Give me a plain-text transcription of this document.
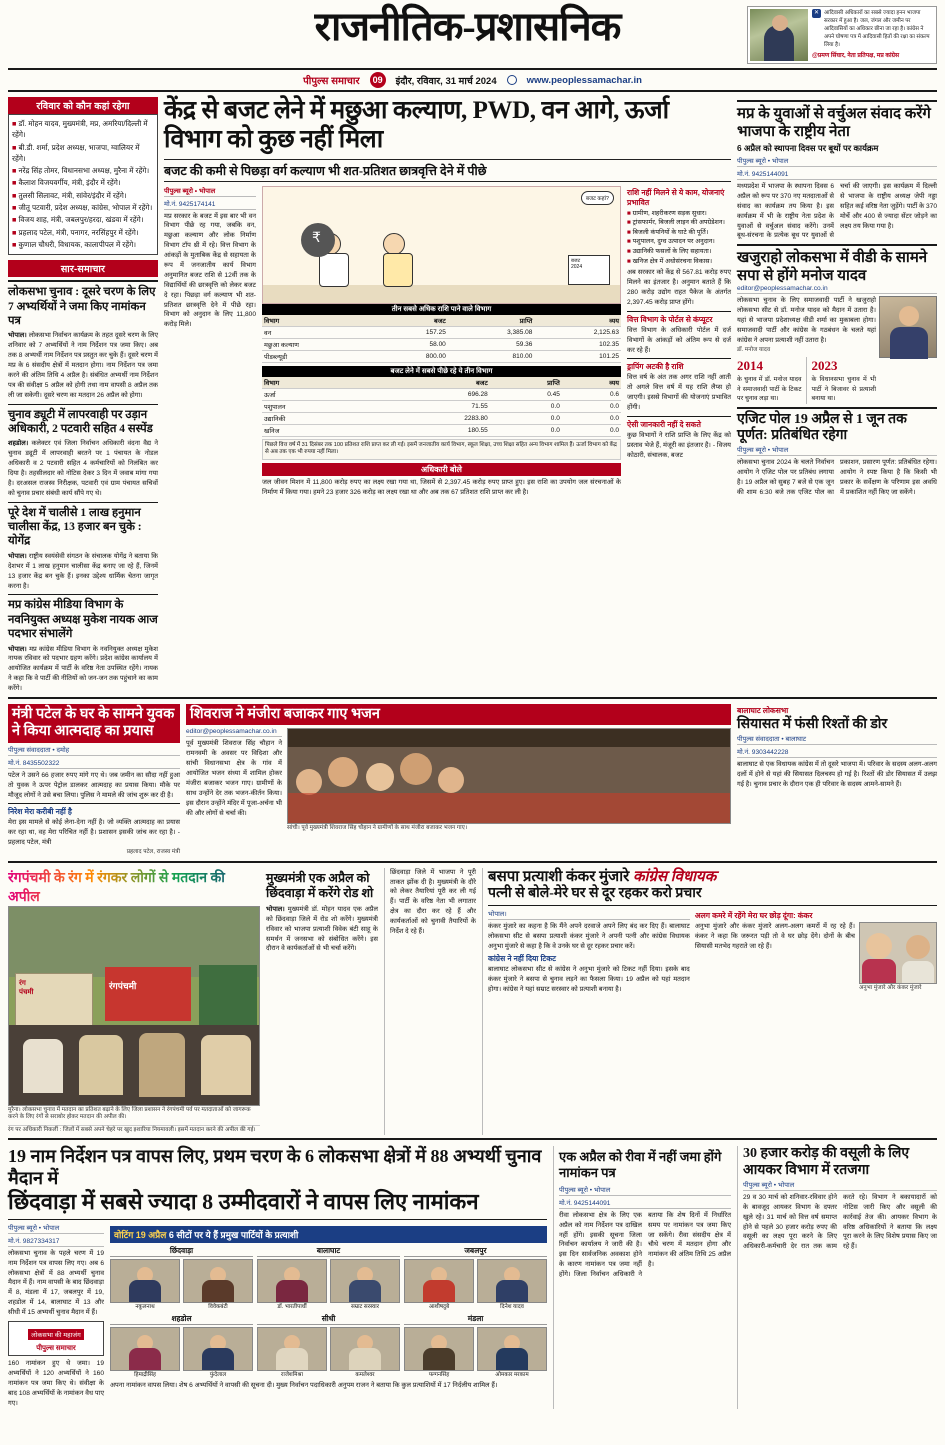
राजनीतिक-प्रशासनिक	✕ आदिवासी अधिकारों का सबसे ज्यादा हनन भाजपा सरकार में हुआ है। जल, जंगल और जमीन पर आदिवासियों का अधिकार छीना जा रहा है। कांग्रेस ने अपने घोषणा पत्र में आदिवासी हितों की रक्षा का संकल्प लिया है।
@प्रमण सिंघार, नेता प्रतिपक्ष, मप्र कांग्रेस
पीपुल्स समाचार	09	इंदौर, रविवार, 31 मार्च 2024	www.peoplessamachar.in
रविवार को कौन कहां रहेगा
■ डॉ. मोहन यादव, मुख्यमंत्री, मप्र, अमरिया/दिल्ली में रहेंगे।
■ बी.डी. शर्मा, प्रदेश अध्यक्ष, भाजपा, ग्वालियर में रहेंगे।
■ नरेंद्र सिंह तोमर, विधानसभा अध्यक्ष, मुरैना में रहेंगे।
■ कैलाश विजयवर्गीय, मंत्री, इंदौर में रहेंगे।
■ तुलसी सिलावट, मंत्री, सांवेर/इंदौर में रहेंगे।
■ जीतू पटवारी, प्रदेश अध्यक्ष, कांग्रेस, भोपाल में रहेंगे।
■ विजय शाह, मंत्री, जबलपुर/हरदा, खंडवा में रहेंगे।
■ प्रहलाद पटेल, मंत्री, पनागर, नरसिंहपुर में रहेंगे।
■ कुणाल चौधरी, विधायक, कालापीपल में रहेंगे।
सार-समाचार
लोकसभा चुनाव : दूसरे चरण के लिए 7 अभ्यर्थियों ने जमा किए नामांकन पत्र
भोपाल। लोकसभा निर्वाचन कार्यक्रम के तहत दूसरे चरण के लिए शनिवार को 7 अभ्यर्थियों ने नाम निर्देशन पत्र जमा किए। अब तक 8 अभ्यर्थी नाम निर्देशन पत्र प्रस्तुत कर चुके हैं। दूसरे चरण में मप्र के 6 संसदीय क्षेत्रों में मतदान होगा। नाम निर्देशन पत्र जमा करने की अंतिम तिथि 4 अप्रैल है। संबंधित अभ्यर्थी नाम निर्देशन पत्र की संवीक्षा 5 अप्रैल को होगी तथा नाम वापसी 8 अप्रैल तक ली जा सकेगी। दूसरे चरण का मतदान 26 अप्रैल को होगा।
चुनाव ड्यूटी में लापरवाही पर उड़ान अधिकारी, 2 पटवारी सहित 4 सस्पेंड
शहडोल। कलेक्टर एवं जिला निर्वाचन अधिकारी वंदना वैद्य ने चुनाव ड्यूटी में लापरवाही बरतने पर 1 पंचायत के नोडल अधिकारी व 2 पटवारी सहित 4 कर्मचारियों को निलंबित कर दिया है। तहसीलदार को नोटिस देकर 3 दिन में जवाब मांगा गया है। दरअसल राजस्व निरीक्षक, पटवारी एवं ग्राम पंचायत सचिवों को चुनाव प्रचार संबंधी कार्य सौंपे गए थे।
पूरे देश में चालीसे 1 लाख हनुमान चालीसा केंद्र, 13 हजार बन चुके : योगेंद्र
भोपाल। राष्ट्रीय स्वयंसेवी संगठन के संचालक योगेंद्र ने बताया कि देशभर में 1 लाख हनुमान चालीसा केंद्र बनाए जा रहे हैं, जिनमें 13 हजार केंद्र बन चुके हैं। इनका उद्देश्य धार्मिक चेतना जागृत करना है।
मप्र कांग्रेस मीडिया विभाग के नवनियुक्त अध्यक्ष मुकेश नायक आज पदभार संभालेंगे
भोपाल। मप्र कांग्रेस मीडिया विभाग के नवनियुक्त अध्यक्ष मुकेश नायक रविवार को पदभार ग्रहण करेंगे। प्रदेश कांग्रेस कार्यालय में आयोजित कार्यक्रम में पार्टी के वरिष्ठ नेता उपस्थित रहेंगे। नायक ने कहा कि वे पार्टी की नीतियों को जन-जन तक पहुंचाने का काम करेंगे।
केंद्र से बजट लेने में मछुआ कल्याण, PWD, वन आगे, ऊर्जा विभाग को कुछ नहीं मिला
बजट की कमी से पिछड़ा वर्ग कल्याण भी शत-प्रतिशत छात्रवृत्ति देने में पीछे
पीपुल्स ब्यूरो • भोपाल
मो.नं. 9425174141
मप्र सरकार के बजट में इस बार भी वन विभाग पीछे रह गया, जबकि वन, मछुआ कल्याण और लोक निर्माण विभाग टॉप थ्री में रहे। वित्त विभाग के आंकड़ों के मुताबिक केंद्र से सहायता के रूप में जनजातीय कार्य विभाग अनुमानित बजट राशि से 12वीं तक के विद्यार्थियों की छात्रवृत्ति को लेकर बजट दे रहा। पिछड़ा वर्ग कल्याण भी शत-प्रतिशत छात्रवृत्ति देने में पीछे रहा। विभाग को अनुदान के लिए 11,800 करोड़ मिले।
₹
बजट कहां?
बजट
2024
तीन सबसे अधिक राशि पाने वाले विभाग
विभाग	बजट	प्राप्ति	व्यय
वन	157.25	3,385.08	2,125.63
मछुआ कल्याण	58.00	59.36	102.35
पीडब्ल्यूडी	800.00	810.00	101.25
बजट लेने में सबसे पीछे रहे ये तीन विभाग
विभाग	बजट	प्राप्ति	व्यय
ऊर्जा	696.28	0.45	0.6
पशुपालन	71.55	0.0	0.0
उद्यानिकी	2283.80	0.0	0.0
खनिज	180.55	0.0	0.0
पिछले वित्त वर्ष में 31 दिसंबर तक 100 प्रतिशत राशि प्राप्त कर ली गई। इसमें जनजातीय कार्य विभाग, स्कूल शिक्षा, उच्च शिक्षा सहित अन्य विभाग शामिल हैं। ऊर्जा विभाग को केंद्र से अब तक एक भी रुपया नहीं मिला।
अधिकारी बोले
जल जीवन मिशन में 11,800 करोड़ रुपए का लक्ष्य रखा गया था, जिसमें से 2,397.45 करोड़ रुपए प्राप्त हुए। इस राशि का उपयोग जल संरचनाओं के निर्माण में किया गया। हमने 23 हजार 326 करोड़ का लक्ष्य रखा था और अब तक 67 प्रतिशत राशि प्राप्त कर ली है।
राशि नहीं मिलने से ये काम, योजनाएं प्रभावित
■ ग्रामीण, शहरीकरण सड़क सुधार।
■ ट्रांसफार्मर, बिजली लाइन की अपग्रेडेशन।
■ बिजली कंपनियों के घाटे की पूर्ति।
■ पशुपालन, दुग्ध उत्पादन पर अनुदान।
■ उद्यानिकी फसलों के लिए सहायता।
■ खनिज क्षेत्र में अधोसंरचना विकास।
अब सरकार को केंद्र से 567.81 करोड़ रुपए मिलने का इंतजार है। अनुमान बताते हैं कि 280 करोड़ उद्योग राहत पैकेज के अंतर्गत 2,397.45 करोड़ प्राप्त होंगे।
वित्त विभाग के पोर्टल से कंप्यूटर
वित्त विभाग के अधिकारी पोर्टल में दर्ज विभागों के आंकड़ों को अंतिम रूप से दर्ज कर रहे हैं।
ड्रापिंग अटकी है राशि
वित्त वर्ष के अंत तक अगर राशि नहीं आती तो अगले वित्त वर्ष में यह राशि लैप्स हो जाएगी। इससे विभागों की योजनाएं प्रभावित होंगी।
ऐसी जानकारी नहीं दे सकते
कुछ विभागों ने राशि प्राप्ति के लिए केंद्र को प्रस्ताव भेजे हैं, मंजूरी का इंतजार है। - विजय कोठारी, संचालक, बजट
मप्र के युवाओं से वर्चुअल संवाद करेंगे भाजपा के राष्ट्रीय नेता
6 अप्रैल को स्थापना दिवस पर बूथों पर कार्यक्रम
पीपुल्स ब्यूरो • भोपाल
मो.नं. 9425144091
मध्यप्रदेश में भाजपा के स्थापना दिवस 6 अप्रैल को रूप पर 370 नए मतदाताओं से संवाद का कार्यक्रम तय किया है। इस कार्यक्रम में भी के राष्ट्रीय नेता प्रदेश के युवाओं से वर्चुअल संवाद करेंगे। उनमें बूथ-संरचना के प्रत्येक बूथ पर युवाओं से चर्चा की जाएगी। इस कार्यक्रम में दिल्ली से भाजपा के राष्ट्रीय अध्यक्ष जेपी नड्डा सहित कई वरिष्ठ नेता जुड़ेंगे। पार्टी के 370 मोर्चे और 400 से ज्यादा सेंटर जोड़ने का लक्ष्य तय किया गया है।
खजुराहो लोकसभा में वीडी के सामने सपा से होंगे मनोज यादव
editor@peoplessamachar.co.in
लोकसभा चुनाव के लिए समाजवादी पार्टी ने खजुराहो लोकसभा सीट से डॉ. मनोज यादव को मैदान में उतारा है। यहां से भाजपा प्रदेशाध्यक्ष वीडी शर्मा का मुकाबला होगा। समाजवादी पार्टी और कांग्रेस के गठबंधन के चलते यहां कांग्रेस ने अपना प्रत्याशी नहीं उतारा है।
डॉ. मनोज यादव
2014
के चुनाव में डॉ. मनोज यादव ने समाजवादी पार्टी के टिकट पर चुनाव लड़ा था।
2023
के विधानसभा चुनाव में भी पार्टी ने बिजावर से प्रत्याशी बनाया था।
एजिट पोल 19 अप्रैल से 1 जून तक पूर्णत: प्रतिबंधित रहेगा
पीपुल्स ब्यूरो • भोपाल
लोकसभा चुनाव 2024 के चलते निर्वाचन आयोग ने एजिट पोल पर प्रतिबंध लगाया है। 19 अप्रैल को सुबह 7 बजे से एक जून की शाम 6:30 बजे तक एजिट पोल का प्रकाशन, प्रसारण पूर्णत: प्रतिबंधित रहेगा। आयोग ने स्पष्ट किया है कि किसी भी प्रकार के सर्वेक्षण के परिणाम इस अवधि में प्रकाशित नहीं किए जा सकेंगे।
मंत्री पटेल के घर के सामने युवक ने किया आत्मदाह का प्रयास
पीपुल्स संवाददाता • दमोह
मो.नं. 8435502322
पटेल ने उसने 66 हजार रुपए मांगे गए थे। जब जमीन का सौदा नहीं हुआ तो युवक ने ऊपर पेट्रोल डालकर आत्मदाह का प्रयास किया। मौके पर मौजूद लोगों ने उसे बचा लिया। पुलिस ने मामले की जांच शुरू कर दी है।
निरेश मेरा करीबी नहीं है
मेरा इस मामले से कोई लेना-देना नहीं है। जो व्यक्ति आत्मदाह का प्रयास कर रहा था, वह मेरा परिचित नहीं है। प्रशासन इसकी जांच कर रहा है। - प्रहलाद पटेल, मंत्री
प्रहलाद पटेल, राजस्व मंत्री
शिवराज ने मंजीरा बजाकर गाए भजन
editor@peoplessamachar.co.in
पूर्व मुख्यमंत्री शिवराज सिंह चौहान ने रामनवमी के अवसर पर विदिशा और सांची विधानसभा क्षेत्र के गांव में आयोजित भजन संध्या में शामिल होकर मंजीरा बजाकर भजन गाए। ग्रामीणों के साथ उन्होंने देर तक भजन-कीर्तन किया। इस दौरान उन्होंने मंदिर में पूजा-अर्चना भी की और लोगों से चर्चा की।
सांची। पूर्व मुख्यमंत्री शिवराज सिंह चौहान ने ग्रामीणों के साथ मंजीरा बजाकर भजन गाए।
बालाघाट लोकसभा
सियासत में फंसी रिश्तों की डोर
पीपुल्स संवाददाता • बालाघाट
मो.नं. 9303442228
बालाघाट से एक विधायक कांग्रेस में तो दूसरे भाजपा में। परिवार के सदस्य अलग-अलग दलों में होने से यहां की सियासत दिलचस्प हो गई है। रिश्तों की डोर सियासत में उलझ गई है। चुनाव प्रचार के दौरान एक ही परिवार के सदस्य आमने-सामने हैं।
रंगपंचमी के रंग में रंगकर लोगों से मतदान की अपील
रंग
पंचमी
रंगपंचमी
मुरैना। लोकसभा चुनाव में मतदान का प्रतिशत बढ़ाने के लिए जिला प्रशासन ने रंगपंचमी पर्व पर मतदाताओं को जागरूक करने के लिए रंगों से सराबोर होकर मतदान की अपील की।
रंग पर अधिकारी निकलीं : जिलों में सबसे अपने चेहरे पर खुद इशारिया नियमावली। इसमें मतदान करने की अपील की गई।
मुख्यमंत्री एक अप्रैल को छिंदवाड़ा में करेंगे रोड शो
भोपाल। मुख्यमंत्री डॉ. मोहन यादव एक अप्रैल को छिंदवाड़ा जिले में रोड शो करेंगे। मुख्यमंत्री रविवार को भाजपा प्रत्याशी विवेक बंटी साहू के समर्थन में जनसभा को संबोधित करेंगे। इस दौरान वे कार्यकर्ताओं से भी चर्चा करेंगे।
छिंदवाड़ा जिले में भाजपा ने पूरी ताकत झोंक दी है। मुख्यमंत्री के दौरे को लेकर तैयारियां पूरी कर ली गई हैं। पार्टी के वरिष्ठ नेता भी लगातार क्षेत्र का दौरा कर रहे हैं और कार्यकर्ताओं को चुनावी तैयारियों के निर्देश दे रहे हैं।
बसपा प्रत्याशी कंकर मुंजारे कांग्रेस विधायक
पत्नी से बोले-मेरे घर से दूर रहकर करो प्रचार
भोपाल।
कंकर मुंजारे का कहना है कि मैंने अपने दरवाजे अपने लिए बंद कर दिए हैं। बालाघाट लोकसभा सीट से बसपा प्रत्याशी कंकर मुंजारे ने अपनी पत्नी और कांग्रेस विधायक अनुभा मुंजारे से कहा है कि वे उनके घर से दूर रहकर प्रचार करें।
कांग्रेस ने नहीं दिया टिकट
बालाघाट लोकसभा सीट से कांग्रेस ने अनुभा मुंजारे को टिकट नहीं दिया। इसके बाद कंकर मुंजारे ने बसपा से चुनाव लड़ने का फैसला किया। 19 अप्रैल को यहां मतदान होगा। कांग्रेस ने यहां सम्राट सरस्वार को प्रत्याशी बनाया है।
अलग कमरे में रहेंगे मेरा घर छोड़ दूंगा: कंकर
अनुभा मुंजारे और कंकर मुंजारे अलग-अलग कमरों में रह रहे हैं। कंकर ने कहा कि जरूरत पड़ी तो वे घर छोड़ देंगे। दोनों के बीच सियासी मतभेद गहराते जा रहे हैं।
अनुभा मुंजारे और कंकर मुंजारे
19 नाम निर्देशन पत्र वापस लिए, प्रथम चरण के 6 लोकसभा क्षेत्रों में 88 अभ्यर्थी चुनाव मैदान में
छिंदवाड़ा में सबसे ज्यादा 8 उम्मीदवारों ने वापस लिए नामांकन
पीपुल्स ब्यूरो • भोपाल
मो.नं. 9827334317
लोकसभा चुनाव के पहले चरण में 19 नाम निर्देशन पत्र वापस लिए गए। अब 6 लोकसभा क्षेत्रों में 88 अभ्यर्थी चुनाव मैदान में हैं। नाम वापसी के बाद छिंदवाड़ा में 8, मंडला में 17, जबलपुर में 19, शहडोल में 14, बालाघाट में 13 और सीधी में 15 अभ्यर्थी चुनाव मैदान में हैं।
लोकसभा की महाजंग
पीपुल्स समाचार
160 नामांकन हुए थे जमा। 19 अभ्यर्थियों ने 120 अभ्यर्थियों ने 160 नामांकन पत्र जमा किए थे। संवीक्षा के बाद 108 अभ्यर्थियों के नामांकन वैध पाए गए।
वोटिंग 19 अप्रैल 6 सीटों पर ये हैं प्रमुख पार्टियों के प्रत्याशी
छिंदवाड़ा
नकुलनाथ	विवेकबंटी
शहडोल
हिमाद्रीसिंह	फुंदेलाल
बालाघाट
डॉ. भारतीपार्धी	सम्राट सरस्वार
सीधी
राजेशमिश्रा	कमलेश्वर
जबलपुर
आशीषदुबे	दिनेश यादव
मंडला
फग्गनसिंह	ओमकार मरकाम
अपना नामांकन वापस लिया। शेष 6 अभ्यर्थियों ने वापसी की सूचना दी। मुख्य निर्वाचन पदाधिकारी अनुपम राजन ने बताया कि कुल प्रत्याशियों में 17 निर्दलीय शामिल हैं।
एक अप्रैल को रीवा में नहीं जमा होंगे नामांकन पत्र
पीपुल्स ब्यूरो • भोपाल
मो.नं. 9425144091
रीवा लोकसभा क्षेत्र के लिए एक अप्रैल को नाम निर्देशन पत्र दाखिल नहीं होंगे। इसकी सूचना जिला निर्वाचन कार्यालय ने जारी की है। इस दिन सार्वजनिक अवकाश होने के कारण नामांकन पत्र जमा नहीं होंगे। जिला निर्वाचन अधिकारी ने बताया कि शेष दिनों में निर्धारित समय पर नामांकन पत्र जमा किए जा सकेंगे। रीवा संसदीय क्षेत्र में चौथे चरण में मतदान होगा और नामांकन की अंतिम तिथि 25 अप्रैल है।
30 हजार करोड़ की वसूली के लिए आयकर विभाग में रतजगा
पीपुल्स ब्यूरो • भोपाल
29 व 30 मार्च को शनिवार-रविवार होने के बावजूद आयकर विभाग के दफ्तर खुले रहे। 31 मार्च को वित्त वर्ष समाप्त होने से पहले 30 हजार करोड़ रुपए की वसूली का लक्ष्य पूरा करने के लिए अधिकारी-कर्मचारी देर रात तक काम करते रहे। विभाग ने बकायादारों को नोटिस जारी किए और वसूली की कार्रवाई तेज की। आयकर विभाग के वरिष्ठ अधिकारियों ने बताया कि लक्ष्य पूरा करने के लिए विशेष प्रयास किए जा रहे हैं।
